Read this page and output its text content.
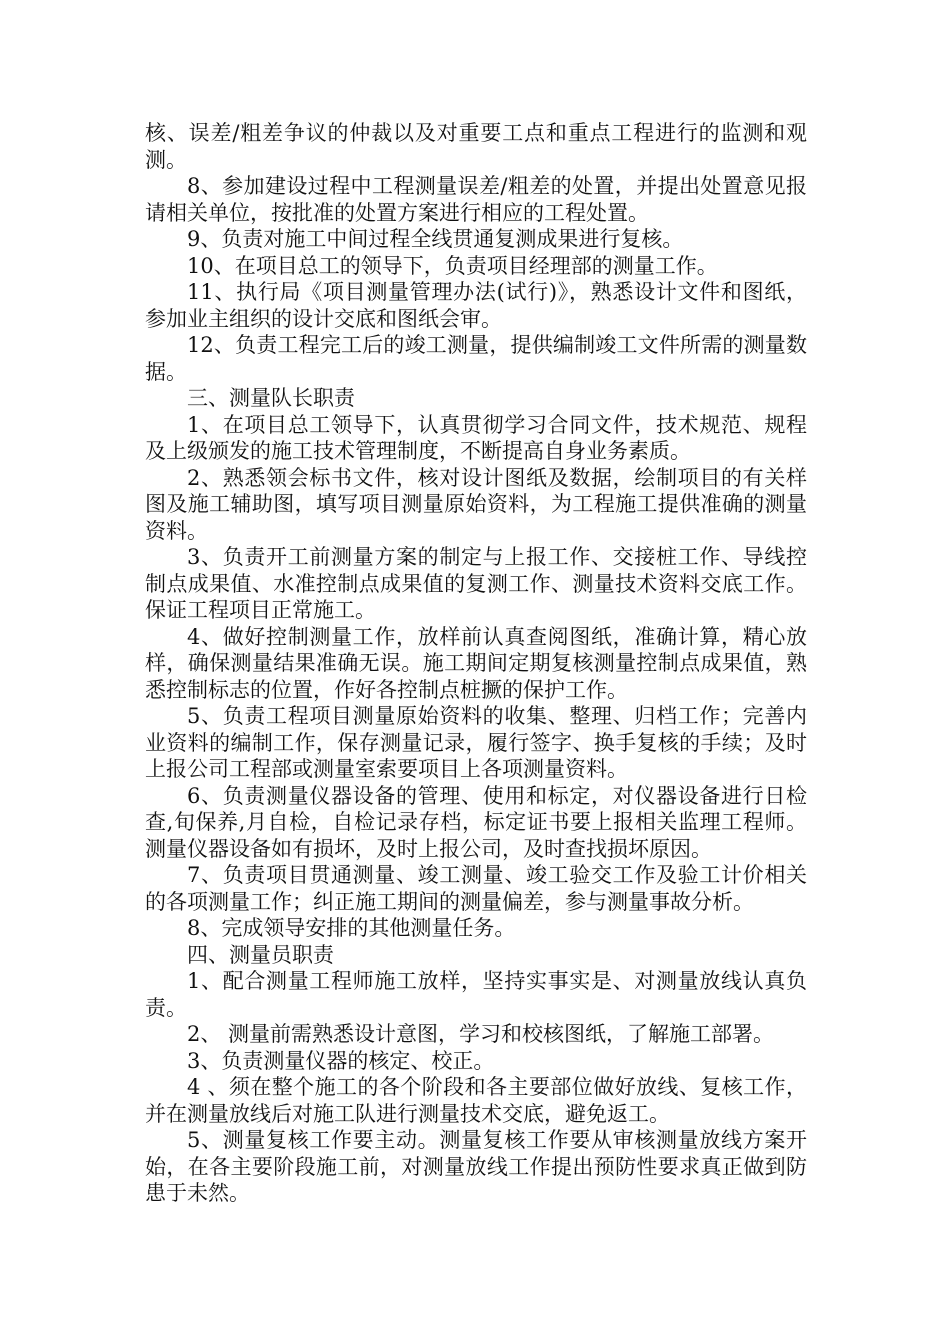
核、误差/粗差争议的仲裁以及对重要工点和重点工程进行的监测和观测。

8、参加建设过程中工程测量误差/粗差的处置，并提出处置意见报请相关单位，按批准的处置方案进行相应的工程处置。

9、负责对施工中间过程全线贯通复测成果进行复核。

10、在项目总工的领导下，负责项目经理部的测量工作。

11、执行局《项目测量管理办法(试行)》，熟悉设计文件和图纸，参加业主组织的设计交底和图纸会审。

12、负责工程完工后的竣工测量，提供编制竣工文件所需的测量数据。

三、测量队长职责

1、在项目总工领导下，认真贯彻学习合同文件，技术规范、规程及上级颁发的施工技术管理制度，不断提高自身业务素质。

2、熟悉领会标书文件，核对设计图纸及数据，绘制项目的有关样图及施工辅助图，填写项目测量原始资料，为工程施工提供准确的测量资料。

3、负责开工前测量方案的制定与上报工作、交接桩工作、导线控制点成果值、水准控制点成果值的复测工作、测量技术资料交底工作。保证工程项目正常施工。

4、做好控制测量工作，放样前认真查阅图纸，准确计算，精心放样，确保测量结果准确无误。施工期间定期复核测量控制点成果值，熟悉控制标志的位置，作好各控制点桩撅的保护工作。

5、负责工程项目测量原始资料的收集、整理、归档工作；完善内业资料的编制工作，保存测量记录，履行签字、换手复核的手续；及时上报公司工程部或测量室索要项目上各项测量资料。

6、负责测量仪器设备的管理、使用和标定，对仪器设备进行日检查,旬保养,月自检，自检记录存档，标定证书要上报相关监理工程师。测量仪器设备如有损坏，及时上报公司，及时查找损坏原因。

7、负责项目贯通测量、竣工测量、竣工验交工作及验工计价相关的各项测量工作；纠正施工期间的测量偏差，参与测量事故分析。

8、完成领导安排的其他测量任务。

四、测量员职责

1、配合测量工程师施工放样，坚持实事实是、对测量放线认真负责。

2、 测量前需熟悉设计意图，学习和校核图纸，了解施工部署。

3、负责测量仪器的核定、校正。

4 、须在整个施工的各个阶段和各主要部位做好放线、复核工作，并在测量放线后对施工队进行测量技术交底，避免返工。

5、测量复核工作要主动。测量复核工作要从审核测量放线方案开始，在各主要阶段施工前，对测量放线工作提出预防性要求真正做到防患于未然。
